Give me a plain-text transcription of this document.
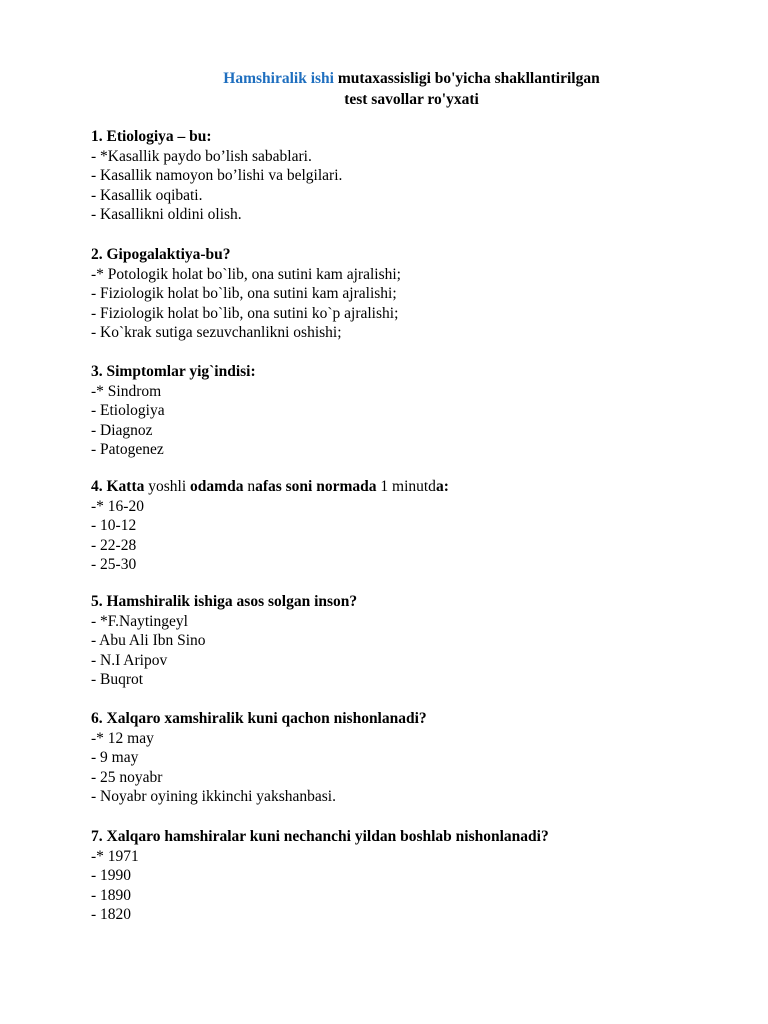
Hamshiralik ishi mutaxassisligi bo'yicha shakllantirilgan
test savollar ro'yxati
1. Etiologiya – bu:
- *Kasallik paydo bo’lish sabablari.
- Kasallik namoyon bo’lishi va belgilari.
- Kasallik oqibati.
- Kasallikni oldini olish.
2. Gipogalaktiya-bu?
-* Potologik holat bo`lib, ona sutini kam ajralishi;
- Fiziologik holat bo`lib, ona sutini kam ajralishi;
- Fiziologik holat bo`lib, ona sutini ko`p ajralishi;
- Ko`krak sutiga sezuvchanlikni oshishi;
3. Simptomlar yig`indisi:
-* Sindrom
- Etiologiya
- Diagnoz
- Patogenez
4. Katta yoshli odamda nafas soni normada 1 minutda:
-* 16-20
- 10-12
- 22-28
- 25-30
5. Hamshiralik ishiga asos solgan inson?
- *F.Naytingeyl
- Abu Ali Ibn Sino
- N.I Aripov
- Buqrot
6. Xalqaro xamshiralik kuni qachon nishonlanadi?
-* 12 may
- 9 may
- 25 noyabr
- Noyabr oyining ikkinchi yakshanbasi.
7. Xalqaro hamshiralar kuni nechanchi yildan boshlab nishonlanadi?
-* 1971
- 1990
- 1890
- 1820
